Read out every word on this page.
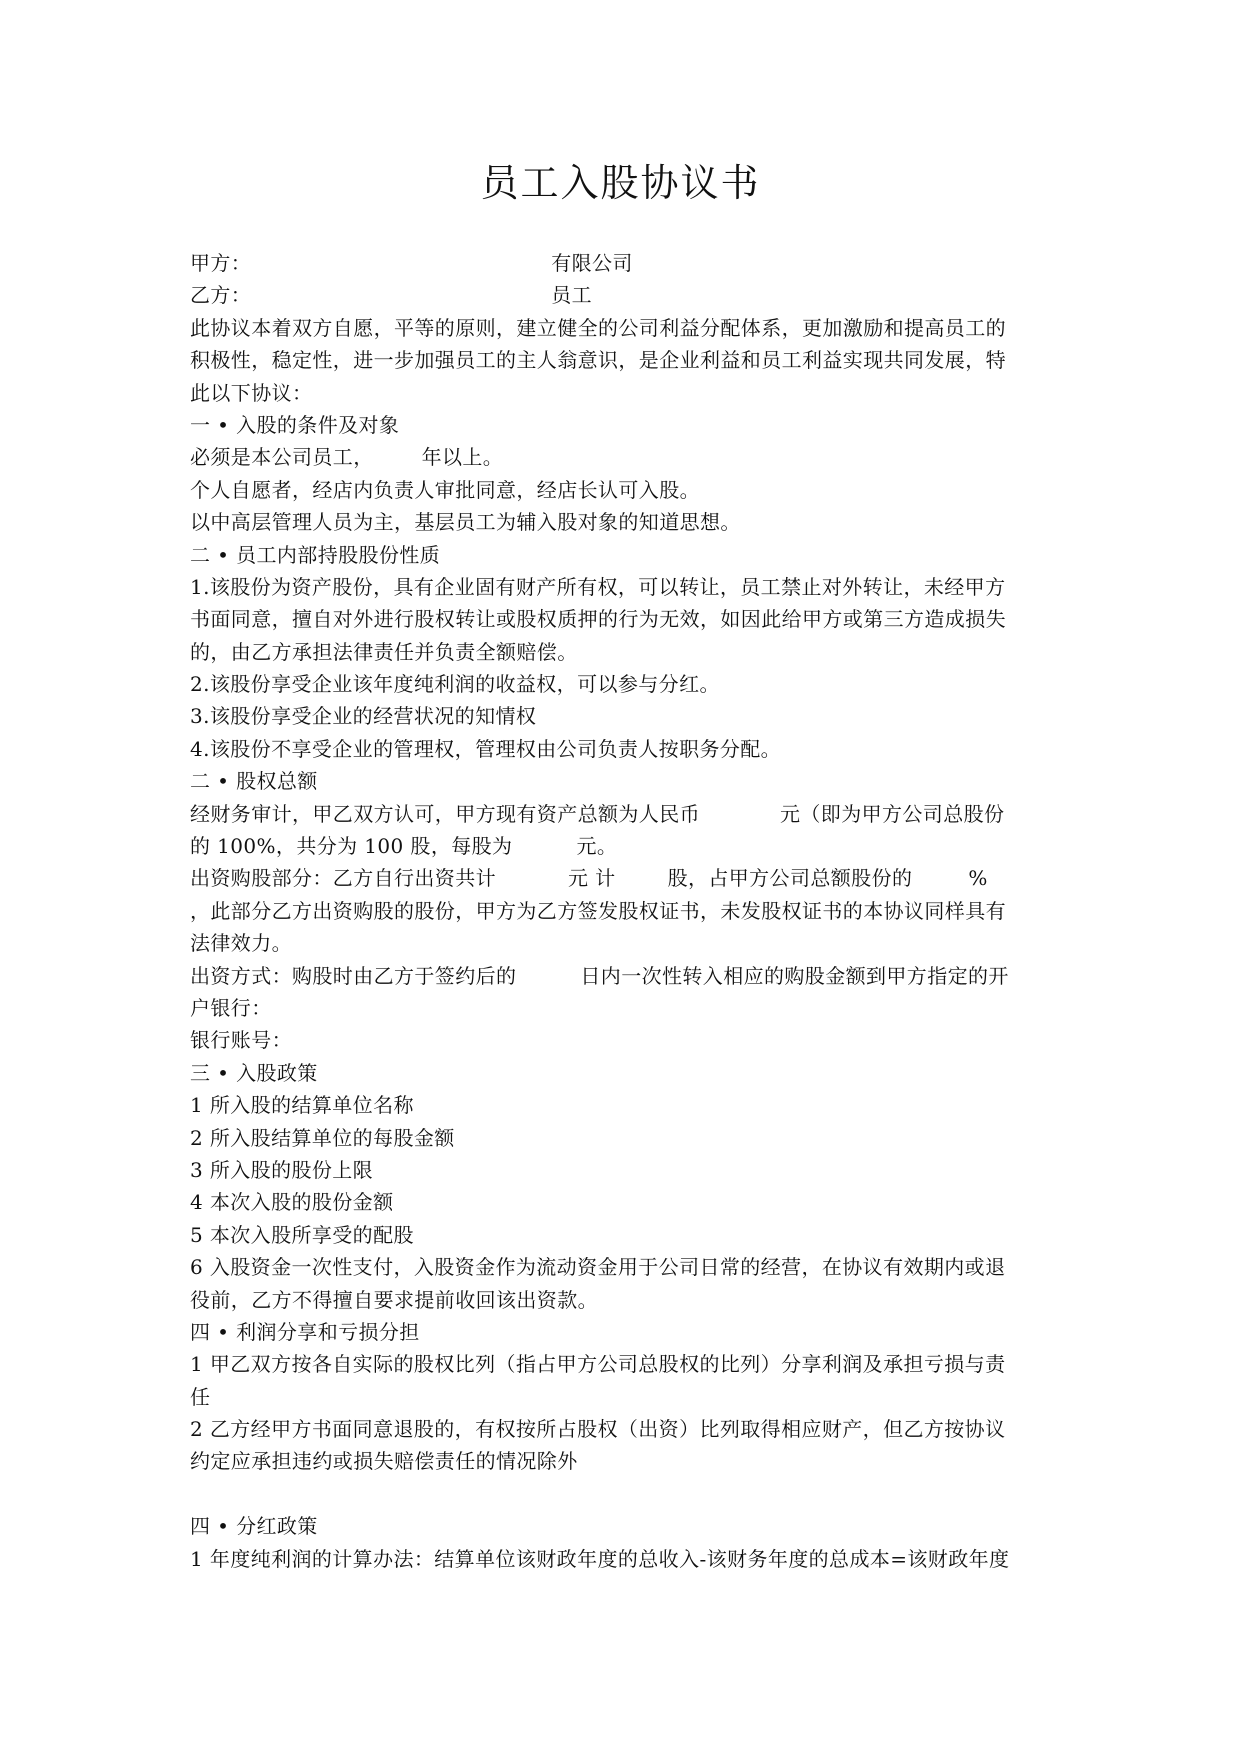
员工入股协议书
甲方：	有限公司
乙方：	员工
此协议本着双方自愿，平等的原则，建立健全的公司利益分配体系，更加激励和提高员工的
积极性，稳定性，进一步加强员工的主人翁意识，是企业利益和员工利益实现共同发展，特
此以下协议：
一 • 入股的条件及对象
必须是本公司员工， 年以上。
个人自愿者，经店内负责人审批同意，经店长认可入股。
以中高层管理人员为主，基层员工为辅入股对象的知道思想。
二 • 员工内部持股股份性质
1.该股份为资产股份，具有企业固有财产所有权，可以转让，员工禁止对外转让，未经甲方
书面同意，擅自对外进行股权转让或股权质押的行为无效，如因此给甲方或第三方造成损失
的，由乙方承担法律责任并负责全额赔偿。
2.该股份享受企业该年度纯利润的收益权，可以参与分红。
3.该股份享受企业的经营状况的知情权
4.该股份不享受企业的管理权，管理权由公司负责人按职务分配。
二 • 股权总额
经财务审计，甲乙双方认可，甲方现有资产总额为人民币	元（即为甲方公司总股份
的 100%，共分为 100 股，每股为	元。
出资购股部分：乙方自行出资共计	元 计	股，占甲方公司总额股份的	%
，此部分乙方出资购股的股份，甲方为乙方签发股权证书，未发股权证书的本协议同样具有
法律效力。
出资方式：购股时由乙方于签约后的	日内一次性转入相应的购股金额到甲方指定的开
户银行：
银行账号：
三 • 入股政策
1 所入股的结算单位名称
2 所入股结算单位的每股金额
3 所入股的股份上限
4 本次入股的股份金额
5 本次入股所享受的配股
6 入股资金一次性支付，入股资金作为流动资金用于公司日常的经营，在协议有效期内或退
役前，乙方不得擅自要求提前收回该出资款。
四 • 利润分享和亏损分担
1 甲乙双方按各自实际的股权比列（指占甲方公司总股权的比列）分享利润及承担亏损与责
任
2 乙方经甲方书面同意退股的，有权按所占股权（出资）比列取得相应财产，但乙方按协议
约定应承担违约或损失赔偿责任的情况除外
四 • 分红政策
1 年度纯利润的计算办法：结算单位该财政年度的总收入-该财务年度的总成本=该财政年度
